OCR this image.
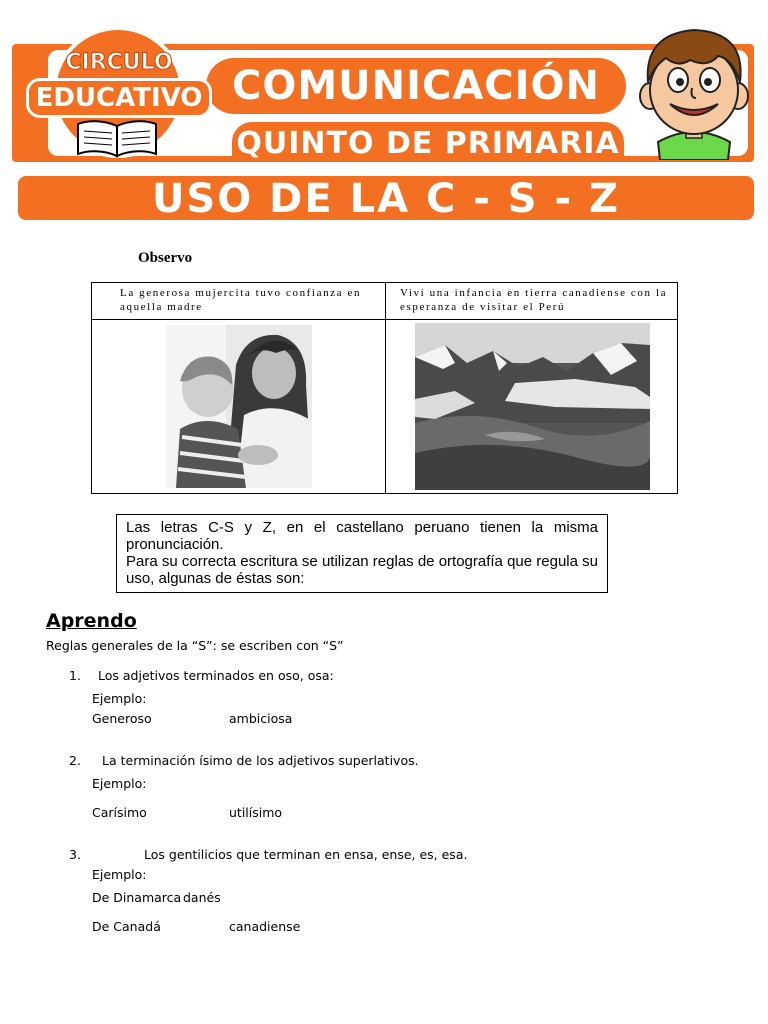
COMUNICACIÓN
QUINTO DE PRIMARIA
CIRCULO
EDUCATIVO
USO DE LA C - S - Z
Observo
La generosa mujercita tuvo confianza en aquella madre
Viví una infancia en tierra canadiense con la esperanza de visitar el Perú

Las letras C-S y Z, en el castellano peruano tienen la misma pronunciación.

Para su correcta escritura se utilizan reglas de ortografía que regula su uso, algunas de éstas son:

Aprendo
Reglas generales de la “S”: se escriben con “S”
1. Los adjetivos terminados en oso, osa:
Ejemplo:
Generoso	ambiciosa
2. La terminación ísimo de los adjetivos superlativos.
Ejemplo:
Carísimo	utilísimo
3.	Los gentilicios que terminan en ensa, ense, es, esa.
Ejemplo:
De Dinamarca danés
De Canadá	canadiense
